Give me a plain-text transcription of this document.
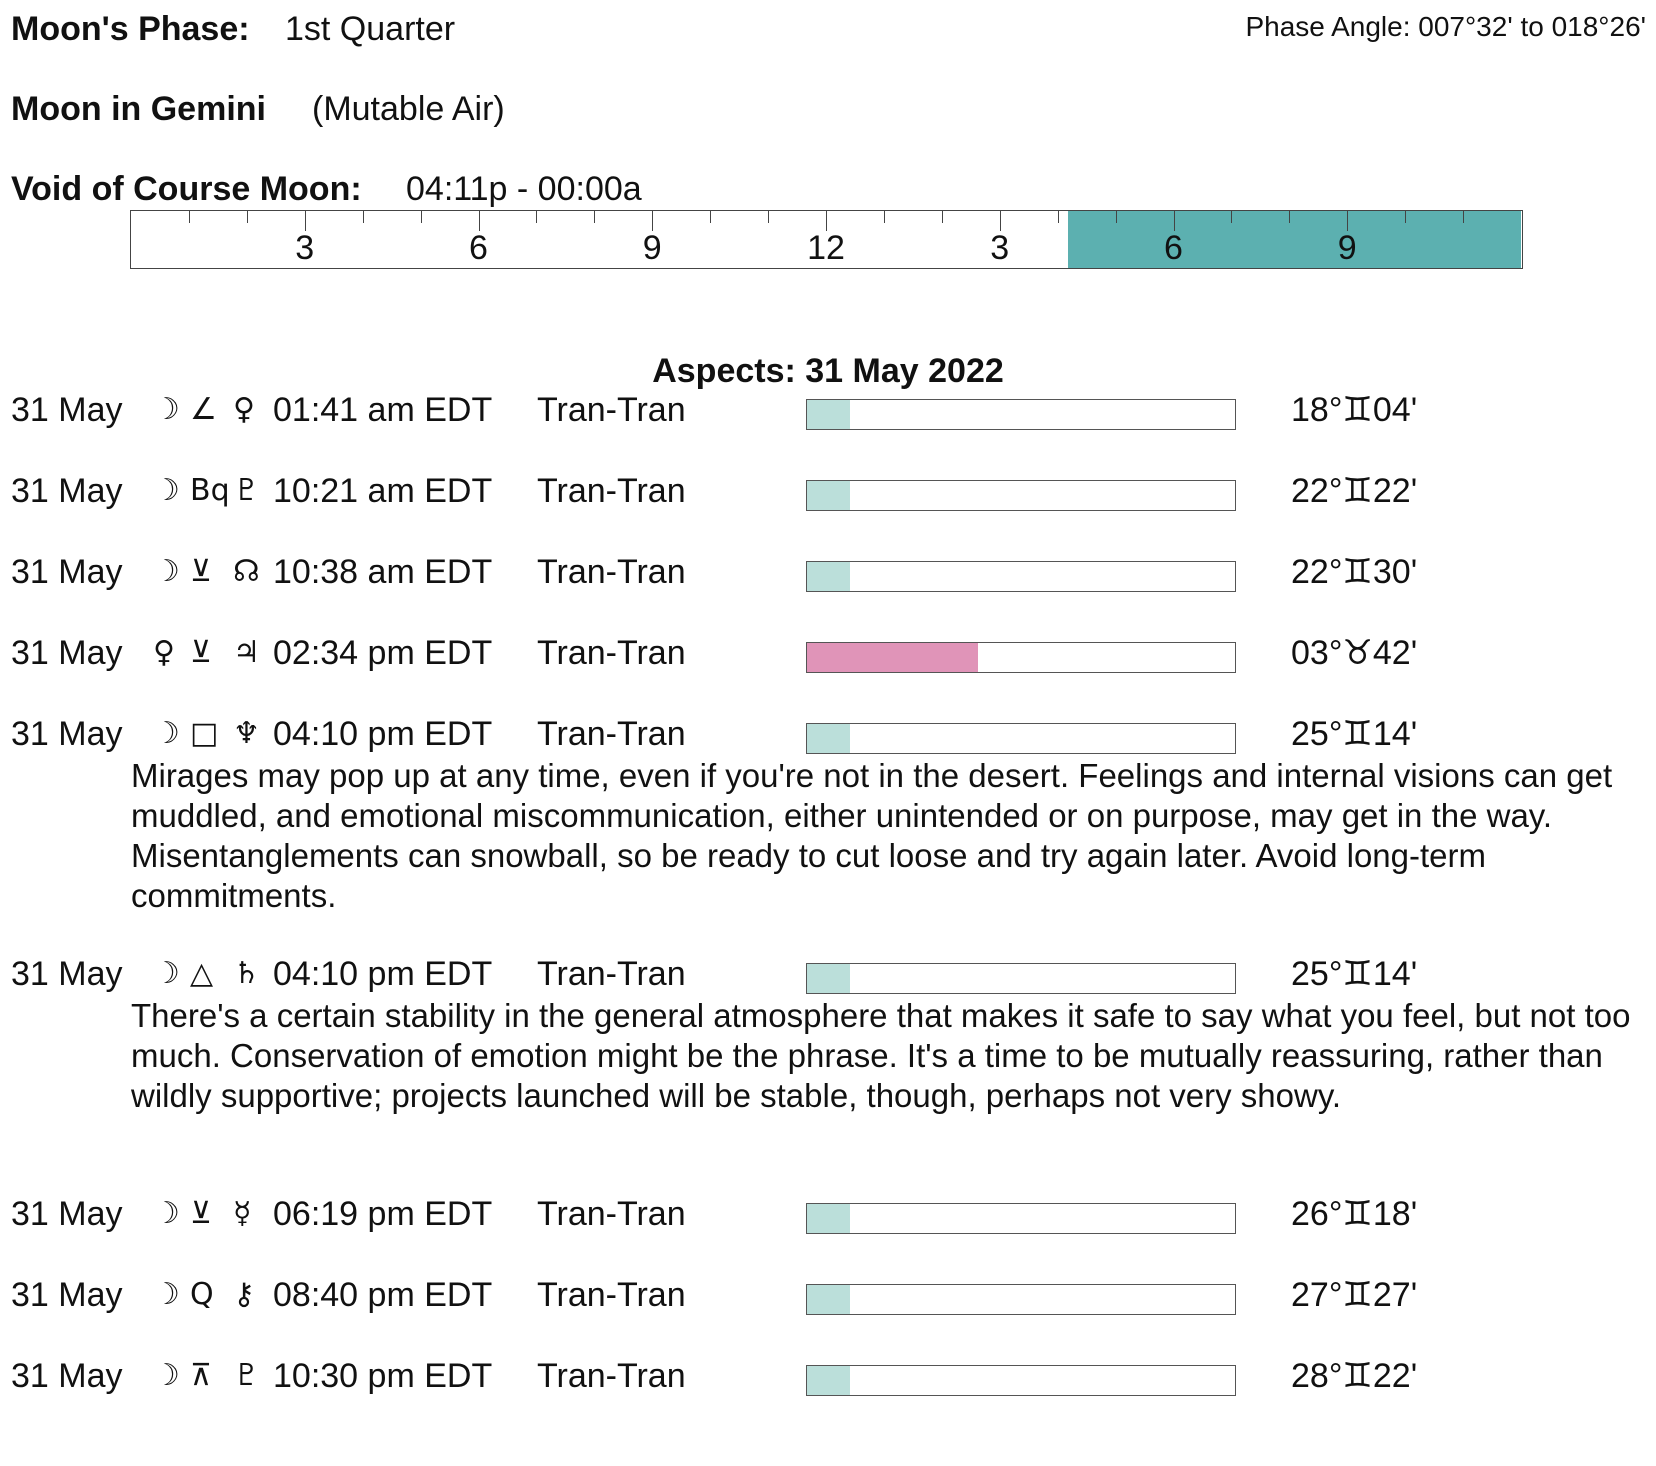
Moon's Phase: 1st Quarter	Phase Angle: 007°32' to 018°26'
Moon in Gemini (Mutable Air)
Void of Course Moon: 04:11p - 00:00a
3	6	9	12	3	6	9
Aspects: 31 May 2022
31 May ☽ ∠ ♀ 01:41 am EDT Tran-Tran	18°♊04'
31 May ☽ Bq ♇ 10:21 am EDT Tran-Tran	22°♊22'
31 May ☽ ⊻ ☊ 10:38 am EDT Tran-Tran	22°♊30'
31 May ♀ ⊻ ♃ 02:34 pm EDT Tran-Tran	03°♉42'
31 May ☽ □ ♆ 04:10 pm EDT Tran-Tran	25°♊14'
Mirages may pop up at any time, even if you're not in the desert. Feelings and internal visions can get muddled, and emotional miscommunication, either unintended or on purpose, may get in the way. Misentanglements can snowball, so be ready to cut loose and try again later. Avoid long-term commitments.
31 May ☽ △ ♄ 04:10 pm EDT Tran-Tran	25°♊14'
There's a certain stability in the general atmosphere that makes it safe to say what you feel, but not too much. Conservation of emotion might be the phrase. It's a time to be mutually reassuring, rather than wildly supportive; projects launched will be stable, though, perhaps not very showy.
31 May ☽ ⊻ ☿ 06:19 pm EDT Tran-Tran	26°♊18'
31 May ☽ Q ⚷ 08:40 pm EDT Tran-Tran	27°♊27'
31 May ☽ ⊼ ♇ 10:30 pm EDT Tran-Tran	28°♊22'
